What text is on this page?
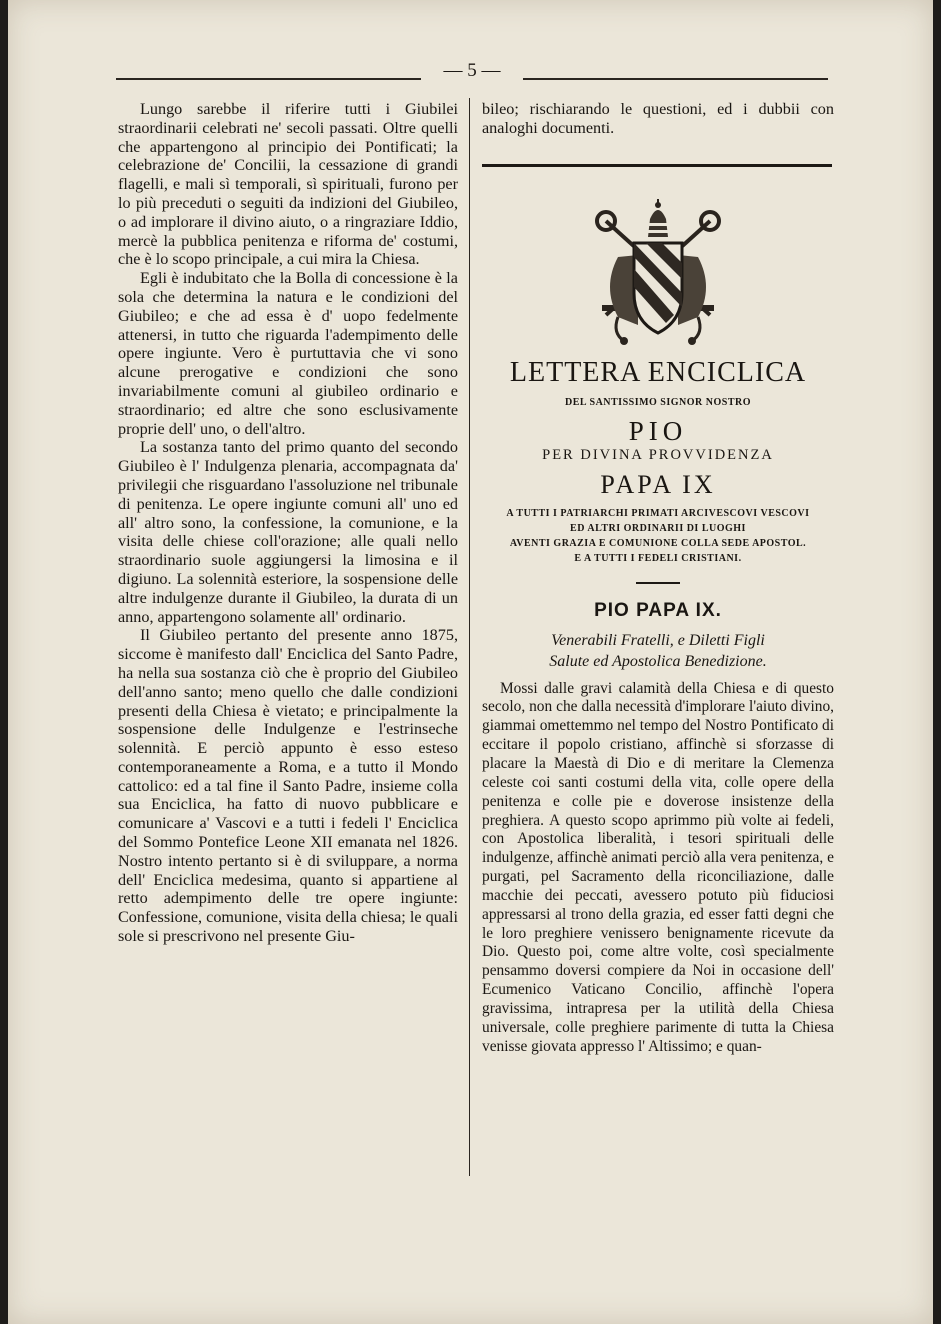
— 5 —

Lungo sarebbe il riferire tutti i Giubilei straordinarii celebrati ne' secoli passati. Oltre quelli che appartengono al principio dei Pontificati; la celebrazione de' Concilii, la cessazione di grandi flagelli, e mali sì temporali, sì spirituali, furono per lo più preceduti o seguiti da indizioni del Giubileo, o ad implorare il divino aiuto, o a ringraziare Iddio, mercè la pubblica penitenza e riforma de' costumi, che è lo scopo principale, a cui mira la Chiesa.

Egli è indubitato che la Bolla di concessione è la sola che determina la natura e le condizioni del Giubileo; e che ad essa è d' uopo fedelmente attenersi, in tutto che riguarda l'adempimento delle opere ingiunte. Vero è purtuttavia che vi sono alcune prerogative e condizioni che sono invariabilmente comuni al giubileo ordinario e straordinario; ed altre che sono esclusivamente proprie dell' uno, o dell'altro.

La sostanza tanto del primo quanto del secondo Giubileo è l' Indulgenza plenaria, accompagnata da' privilegii che risguardano l'assoluzione nel tribunale di penitenza. Le opere ingiunte comuni all' uno ed all' altro sono, la confessione, la comunione, e la visita delle chiese coll'orazione; alle quali nello straordinario suole aggiungersi la limosina e il digiuno. La solennità esteriore, la sospensione delle altre indulgenze durante il Giubileo, la durata di un anno, appartengono solamente all' ordinario.

Il Giubileo pertanto del presente anno 1875, siccome è manifesto dall' Enciclica del Santo Padre, ha nella sua sostanza ciò che è proprio del Giubileo dell'anno santo; meno quello che dalle condizioni presenti della Chiesa è vietato; e principalmente la sospensione delle Indulgenze e l'estrinseche solennità. E perciò appunto è esso esteso contemporaneamente a Roma, e a tutto il Mondo cattolico: ed a tal fine il Santo Padre, insieme colla sua Enciclica, ha fatto di nuovo pubblicare e comunicare a' Vascovi e a tutti i fedeli l' Enciclica del Sommo Pontefice Leone XII emanata nel 1826. Nostro intento pertanto si è di sviluppare, a norma dell' Enciclica medesima, quanto si appartiene al retto adempimento delle tre opere ingiunte: Confessione, comunione, visita della chiesa; le quali sole si prescrivono nel presente Giu-

bileo; rischiarando le questioni, ed i dubbii con analoghi documenti.

LETTERA ENCICLICA
DEL SANTISSIMO SIGNOR NOSTRO
PIO
PER DIVINA PROVVIDENZA
PAPA IX
A TUTTI I PATRIARCHI PRIMATI ARCIVESCOVI VESCOVI
ED ALTRI ORDINARII DI LUOGHI
AVENTI GRAZIA E COMUNIONE COLLA SEDE APOSTOL.
E A TUTTI I FEDELI CRISTIANI.
PIO PAPA IX.
Venerabili Fratelli, e Diletti Figli
Salute ed Apostolica Benedizione.

Mossi dalle gravi calamità della Chiesa e di questo secolo, non che dalla necessità d'implorare l'aiuto divino, giammai omettemmo nel tempo del Nostro Pontificato di eccitare il popolo cristiano, affinchè si sforzasse di placare la Maestà di Dio e di meritare la Clemenza celeste coi santi costumi della vita, colle opere della penitenza e colle pie e doverose insistenze della preghiera. A questo scopo aprimmo più volte ai fedeli, con Apostolica liberalità, i tesori spirituali delle indulgenze, affinchè animati perciò alla vera penitenza, e purgati, pel Sacramento della riconciliazione, dalle macchie dei peccati, avessero potuto più fiduciosi appressarsi al trono della grazia, ed esser fatti degni che le loro preghiere venissero benignamente ricevute da Dio. Questo poi, come altre volte, così specialmente pensammo doversi compiere da Noi in occasione dell' Ecumenico Vaticano Concilio, affinchè l'opera gravissima, intrapresa per la utilità della Chiesa universale, colle preghiere parimente di tutta la Chiesa venisse giovata appresso l' Altissimo; e quan-
